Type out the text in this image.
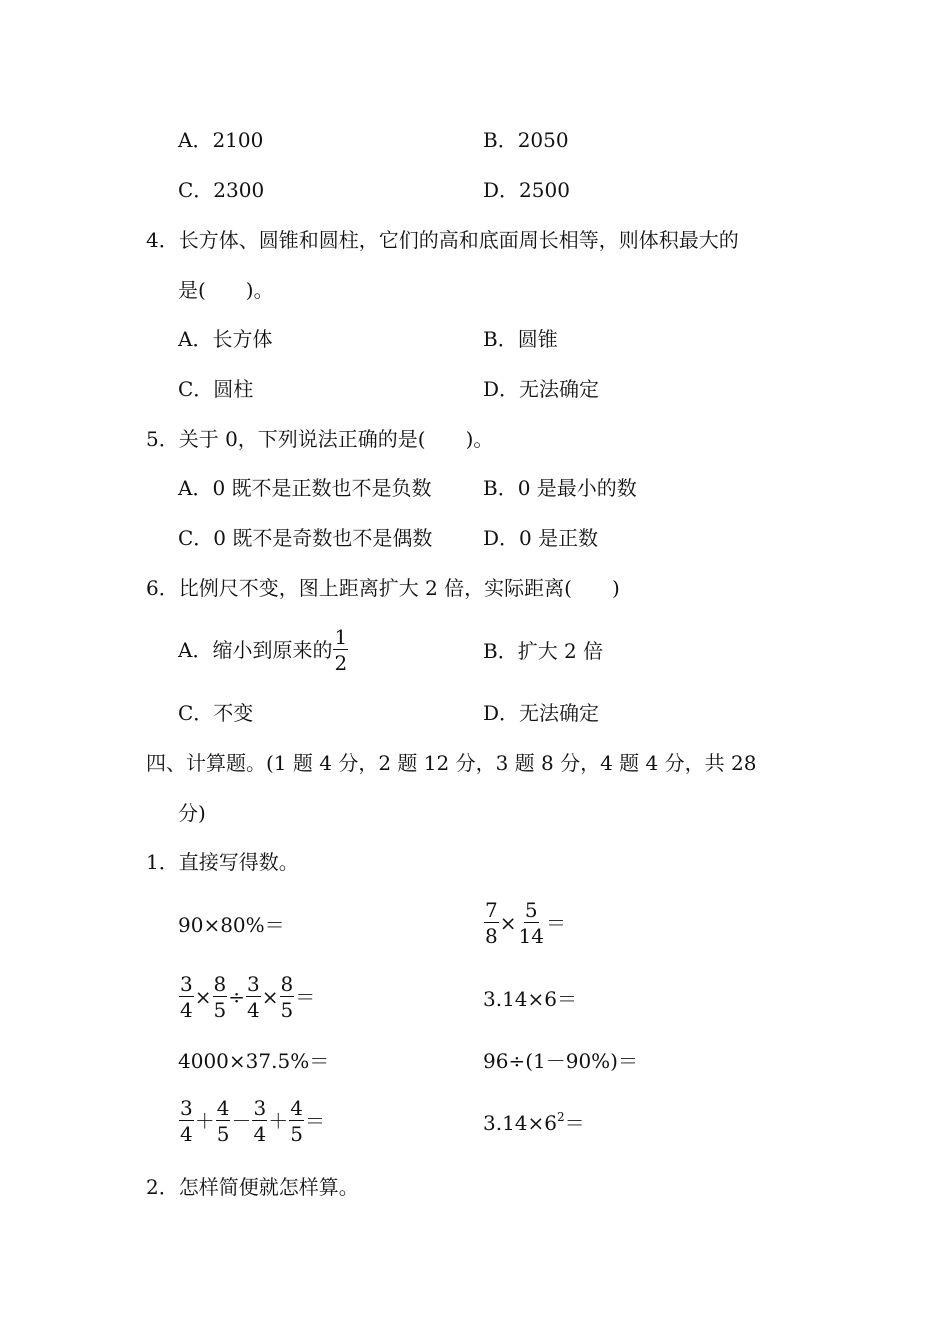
A．2100	B．2050
C．2300	D．2500
4．长方体、圆锥和圆柱，它们的高和底面周长相等，则体积最大的
是(　　)。
A．长方体	B．圆锥
C．圆柱	D．无法确定
5．关于 0，下列说法正确的是(　　)。
A．0 既不是正数也不是负数	B．0 是最小的数
C．0 既不是奇数也不是偶数	D．0 是正数
6．比例尺不变，图上距离扩大 2 倍，实际距离(　　)
A．缩小到原来的 $\frac{1}{2}$	B．扩大 2 倍
C．不变	D．无法确定
四、计算题。(1 题 4 分，2 题 12 分，3 题 8 分，4 题 4 分，共 28
分)
1．直接写得数。
90×80%＝	$\frac{7}{8} \times \frac{5}{14}$ ＝
$\frac{3}{4} \times \frac{8}{5} \div \frac{3}{4} \times \frac{8}{5}$ ＝	3.14×6＝
4000×37.5%＝	96÷(1－90%)＝
$\frac{3}{4} + \frac{4}{5} - \frac{3}{4} + \frac{4}{5}$ ＝	$3.14\times 6^2=$
2．怎样简便就怎样算。
